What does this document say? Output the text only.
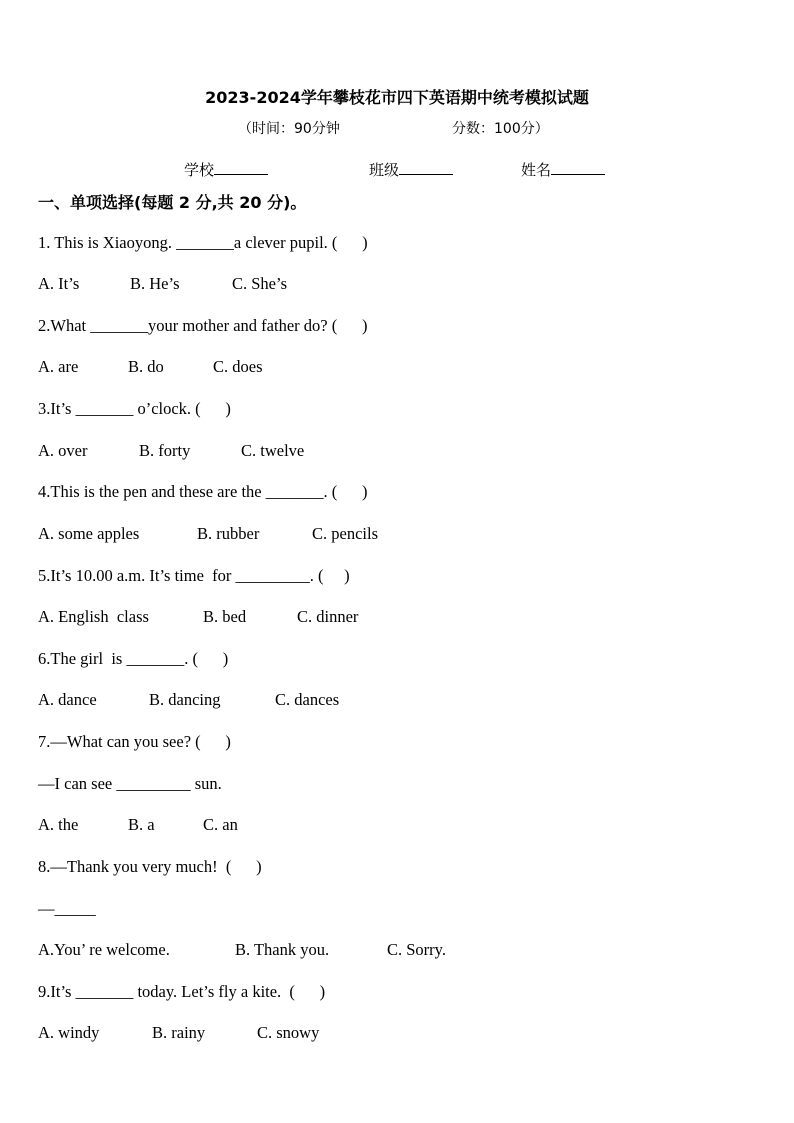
2023-2024学年攀枝花市四下英语期中统考模拟试题
（时间：90分钟	分数：100分）
学校	班级	姓名
一、单项选择(每题 2 分,共 20 分)。
1. This is Xiaoyong. _______a clever pupil. (      )
A. It’s	B. He’s	C. She’s
2.What _______your mother and father do? (      )
A. are	B. do	C. does
3.It’s _______ o’clock. (      )
A. over	B. forty	C. twelve
4.This is the pen and these are the _______. (      )
A. some apples	B. rubber	C. pencils
5.It’s 10.00 a.m. It’s time  for _________. (     )
A. English  class	B. bed	C. dinner
6.The girl  is _______. (      )
A. dance	B. dancing	C. dances
7.—What can you see? (      )
—I can see _________ sun.
A. the	B. a	C. an
8.—Thank you very much!  (      )
—_____
A.You’ re welcome.	B. Thank you.	C. Sorry.
9.It’s _______ today. Let’s fly a kite.  (      )
A. windy	B. rainy	C. snowy
